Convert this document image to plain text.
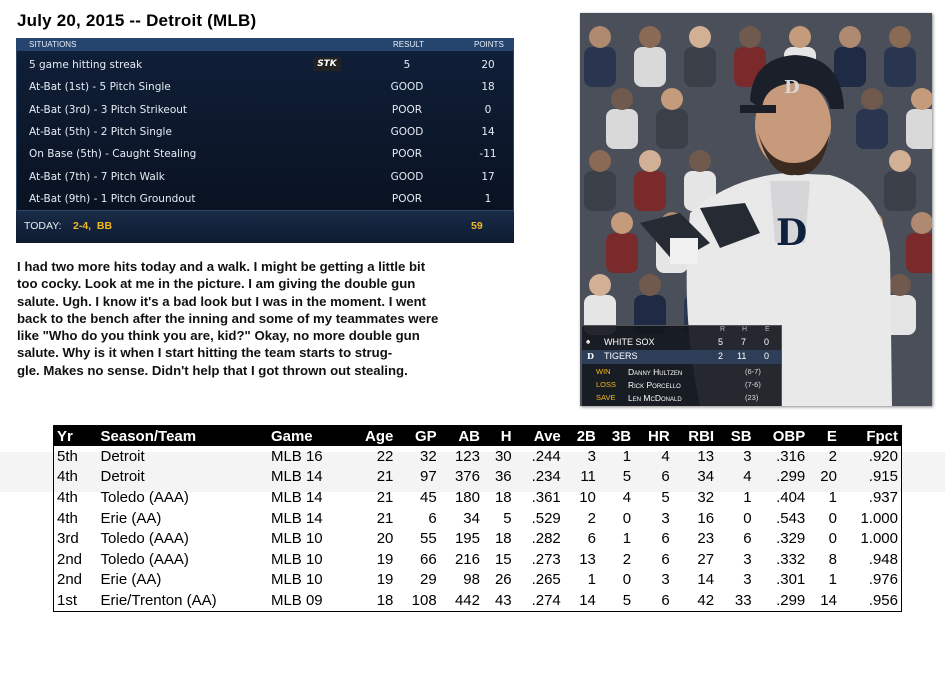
July 20, 2015 -- Detroit (MLB)
SITUATIONS	RESULT	POINTS
5 game hitting streak	STK	5	20
At-Bat (1st) - 5 Pitch Single	GOOD	18
At-Bat (3rd) - 3 Pitch Strikeout	POOR	0
At-Bat (5th) - 2 Pitch Single	GOOD	14
On Base (5th) - Caught Stealing	POOR	-11
At-Bat (7th) - 7 Pitch Walk	GOOD	17
At-Bat (9th) - 1 Pitch Groundout	POOR	1
TODAY: 2-4,  BB	59

I had two more hits today and a walk. I might be getting a little bit

too cocky. Look at me in the picture. I am giving the double gun

salute. Ugh. I know it's a bad look but I was in the moment. I went

back to the bench after the inning and some of my teammates were

like "Who do you think you are, kid?" Okay, no more double gun

salute. Why is it when I start hitting the team starts to strug-

gle. Makes no sense. Didn't help that I got thrown out stealing.

D
D
R H	E
♠ WHITE SOX	5 7 0
D TIGERS	2 11 0
WIN Danny Hultzen	(6-7)
LOSS Rick Porcello	(7-6)
SAVE Len McDonald	(23)
Yr	Season/Team	Game	Age	GP	AB	H	Ave	2B	3B	HR	RBI	SB	OBP	E	Fpct
5th	Detroit	MLB 16	22	32	123	30	.244	3	1	4	13	3	.316	2	.920
4th	Detroit	MLB 14	21	97	376	36	.234	11	5	6	34	4	.299	20	.915
4th	Toledo (AAA)	MLB 14	21	45	180	18	.361	10	4	5	32	1	.404	1	.937
4th	Erie (AA)	MLB 14	21	6	34	5	.529	2	0	3	16	0	.543	0	1.000
3rd	Toledo (AAA)	MLB 10	20	55	195	18	.282	6	1	6	23	6	.329	0	1.000
2nd	Toledo (AAA)	MLB 10	19	66	216	15	.273	13	2	6	27	3	.332	8	.948
2nd	Erie (AA)	MLB 10	19	29	98	26	.265	1	0	3	14	3	.301	1	.976
1st	Erie/Trenton (AA)	MLB 09	18	108	442	43	.274	14	5	6	42	33	.299	14	.956
